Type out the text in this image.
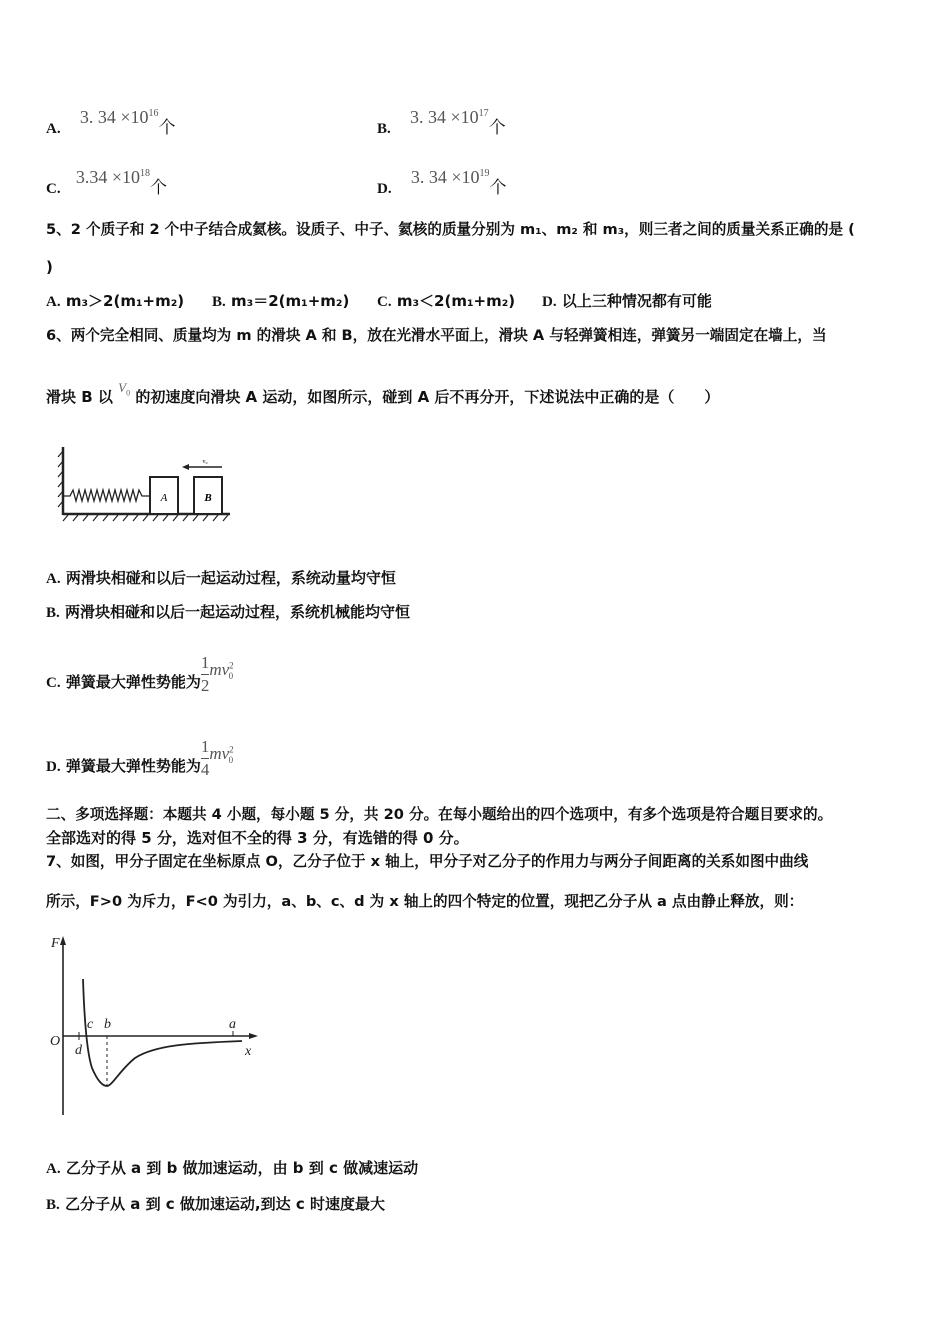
A. 3. $34 \times 10^{16}$个	B. 3. $34 \times 10^{17}$个
C. $3.34 \times 10^{18}$个	D. 3. $34 \times 10^{19}$个
5、2 个质子和 2 个中子结合成氦核。设质子、中子、氦核的质量分别为 m₁、m₂ 和 m₃，则三者之间的质量关系正确的是 (
)
A. m₃＞2(m₁+m₂) B. m₃＝2(m₁+m₂) C. m₃＜2(m₁+m₂) D. 以上三种情况都有可能
6、两个完全相同、质量均为 m 的滑块 A 和 B，放在光滑水平面上，滑块 A 与轻弹簧相连，弹簧另一端固定在墙上，当
滑块 B 以 $V_0$ 的初速度向滑块 A 运动，如图所示，碰到 A 后不再分开，下述说法中正确的是（　　）
A	B
v₀
A. 两滑块相碰和以后一起运动过程，系统动量均守恒
B. 两滑块相碰和以后一起运动过程，系统机械能均守恒
C. 弹簧最大弹性势能为 $\frac{1}{2} mv^2_0$
D. 弹簧最大弹性势能为 $\frac{1}{4} mv^2_0$
二、多项选择题：本题共 4 小题，每小题 5 分，共 20 分。在每小题给出的四个选项中，有多个选项是符合题目要求的。
全部选对的得 5 分，选对但不全的得 3 分，有选错的得 0 分。
7、如图，甲分子固定在坐标原点 O，乙分子位于 x 轴上，甲分子对乙分子的作用力与两分子间距离的关系如图中曲线
所示，F>0 为斥力，F<0 为引力，a、b、c、d 为 x 轴上的四个特定的位置，现把乙分子从 a 点由静止释放，则：
F
x
O
a
b
c
d
A. 乙分子从 a 到 b 做加速运动，由 b 到 c 做减速运动
B. 乙分子从 a 到 c 做加速运动,到达 c 时速度最大
